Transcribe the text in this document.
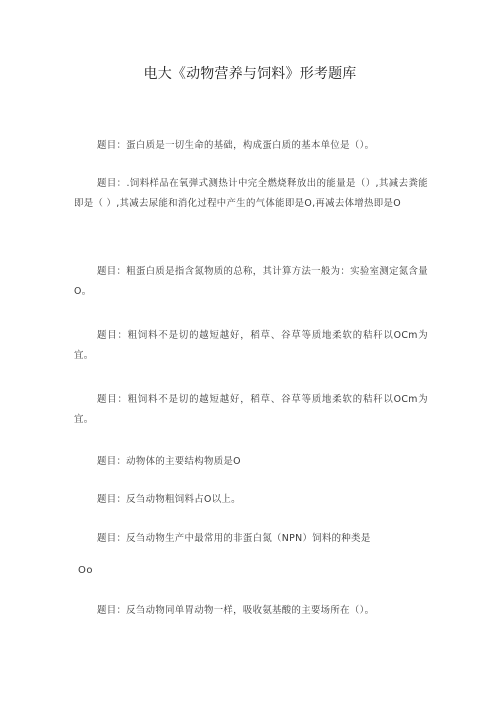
电大《动物营养与饲料》形考题库
题目：蛋白质是一切生命的基础，构成蛋白质的基本单位是（）。
题目：.饲料样品在氧弹式测热计中完全燃烧释放出的能量是（）,其减去粪能即是（ ）,其减去尿能和消化过程中产生的气体能即是O,再减去体增热即是O
题目：粗蛋白质是指含氮物质的总称，其计算方法一般为：实验室测定氮含量O。
题目：粗饲料不是切的越短越好，稻草、谷草等质地柔软的秸秆以OCm为宜。
题目：粗饲料不是切的越短越好，稻草、谷草等质地柔软的秸秆以OCm为宜。
题目：动物体的主要结构物质是O
题目：反刍动物粗饲料占O以上。
题目：反刍动物生产中最常用的非蛋白氮（NPN）饲料的种类是
Oo
题目：反刍动物同单胃动物一样，吸收氨基酸的主要场所在（）。
